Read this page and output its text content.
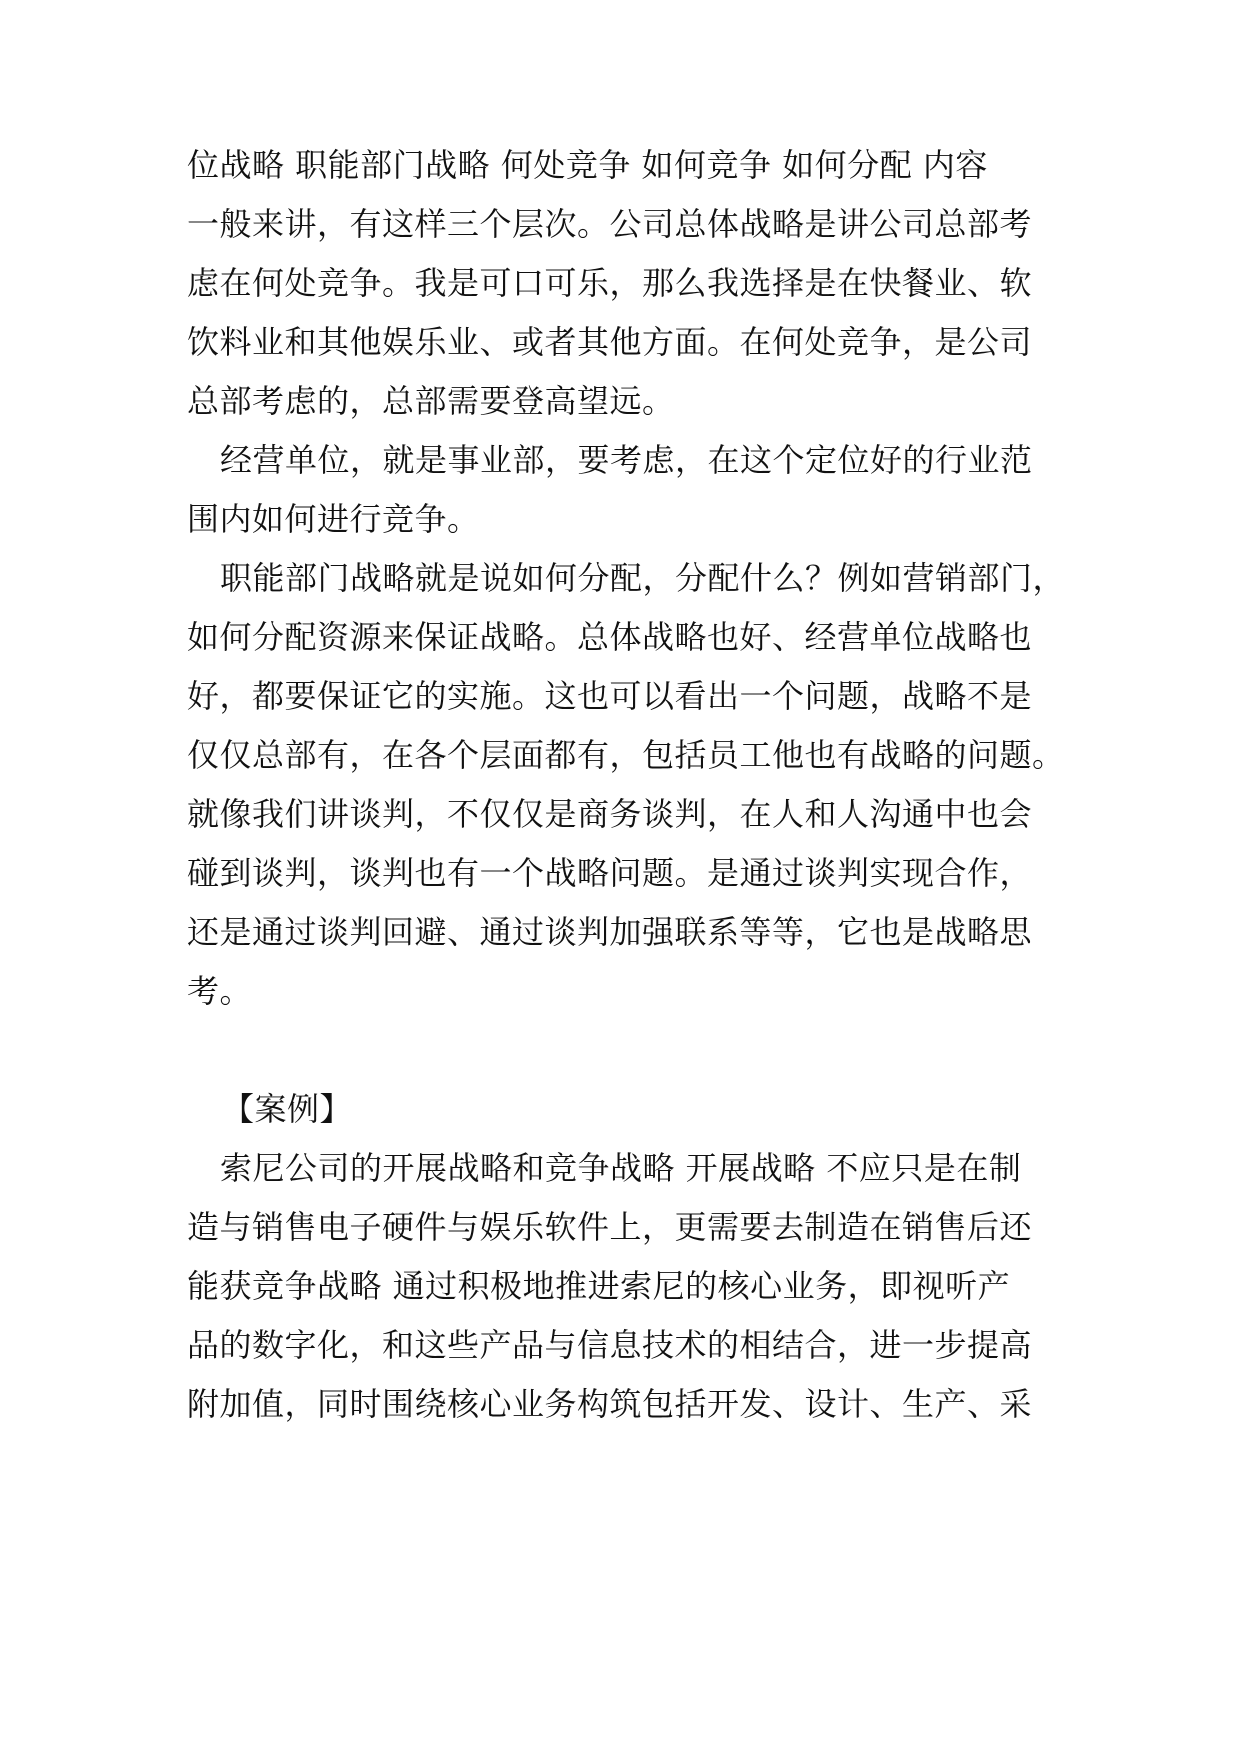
位战略 职能部门战略 何处竞争 如何竞争 如何分配 内容
一般来讲，有这样三个层次。公司总体战略是讲公司总部考
虑在何处竞争。我是可口可乐，那么我选择是在快餐业、软
饮料业和其他娱乐业、或者其他方面。在何处竞争，是公司
总部考虑的，总部需要登高望远。
经营单位，就是事业部，要考虑，在这个定位好的行业范
围内如何进行竞争。
职能部门战略就是说如何分配，分配什么？例如营销部门，
如何分配资源来保证战略。总体战略也好、经营单位战略也
好，都要保证它的实施。这也可以看出一个问题，战略不是
仅仅总部有，在各个层面都有，包括员工他也有战略的问题。
就像我们讲谈判，不仅仅是商务谈判，在人和人沟通中也会
碰到谈判，谈判也有一个战略问题。是通过谈判实现合作，
还是通过谈判回避、通过谈判加强联系等等，它也是战略思
考。
【案例】
索尼公司的开展战略和竞争战略 开展战略 不应只是在制
造与销售电子硬件与娱乐软件上，更需要去制造在销售后还
能获竞争战略 通过积极地推进索尼的核心业务，即视听产
品的数字化，和这些产品与信息技术的相结合，进一步提高
附加值，同时围绕核心业务构筑包括开发、设计、生产、采
